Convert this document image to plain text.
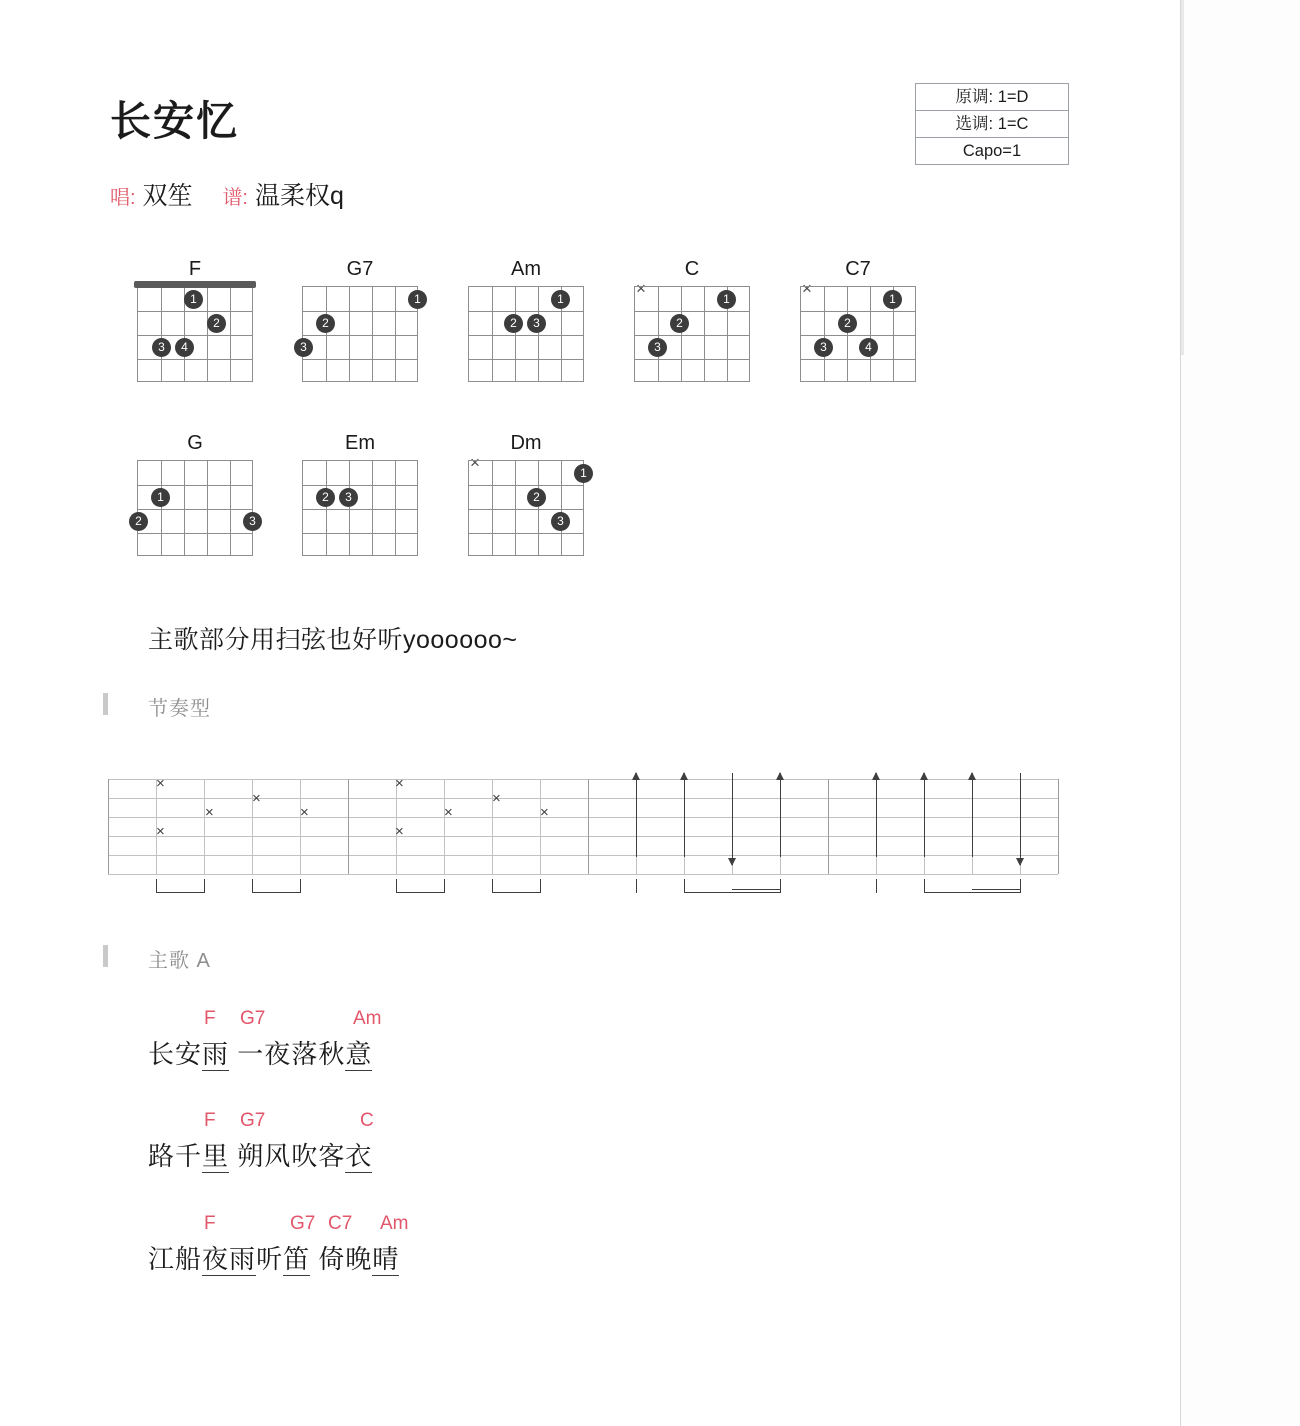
长安忆
唱: 双笙 谱: 温柔权q
原调: 1=D
选调: 1=C
Capo=1
F
1
2
3	4
G7
1
2
3
Am
1
2	3
C
×
1
2
3
C7
×
1
2
3	4
G
1
2	3
Em
2	3
Dm
×
1
2
3
主歌部分用扫弦也好听yoooooo~
节奏型
×
×
×
×
×
×
×
×
×
×
主歌 A
F G7	Am
长安雨 一夜落秋意
F G7	C
路千里 朔风吹客衣
F	G7 C7 Am
江船夜雨听笛 倚晚晴
